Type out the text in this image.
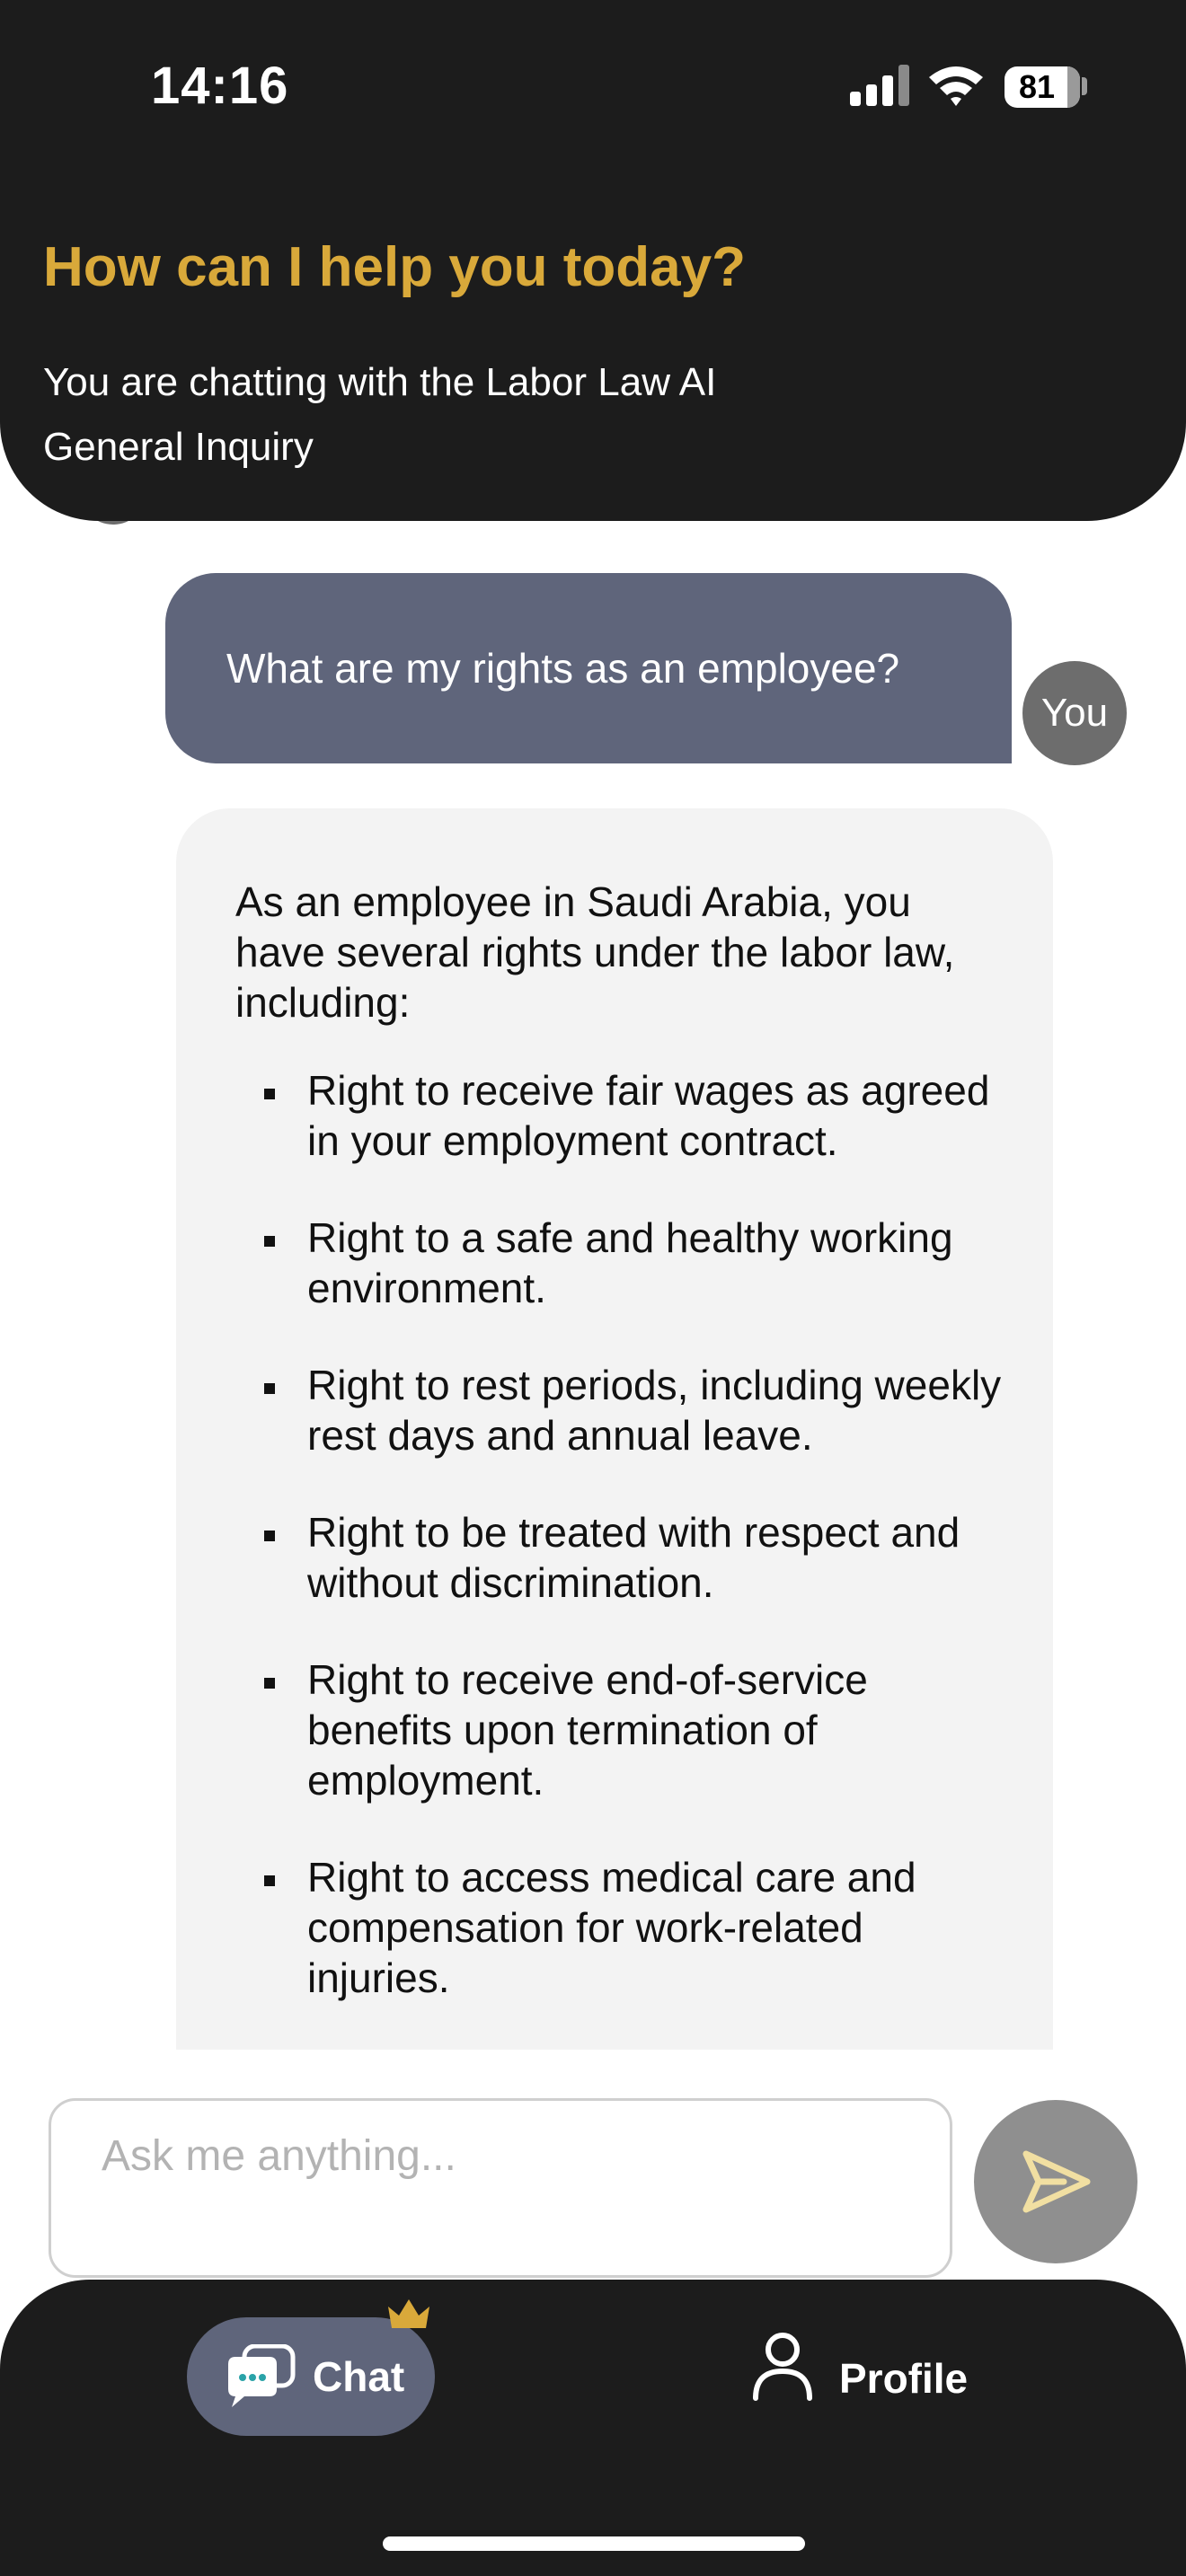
14:16	81
How can I help you today?
You are chatting with the Labor Law AI General Inquiry
What are my rights as an employee?
You

As an employee in Saudi Arabia, you have several rights under the labor law, including:

Right to receive fair wages as agreed in your employment contract.
Right to a safe and healthy working environment.
Right to rest periods, including weekly rest days and annual leave.
Right to be treated with respect and without discrimination.
Right to receive end-of-service benefits upon termination of employment.
Right to access medical care and compensation for work-related injuries.
Ask me anything...
Chat	Profile
